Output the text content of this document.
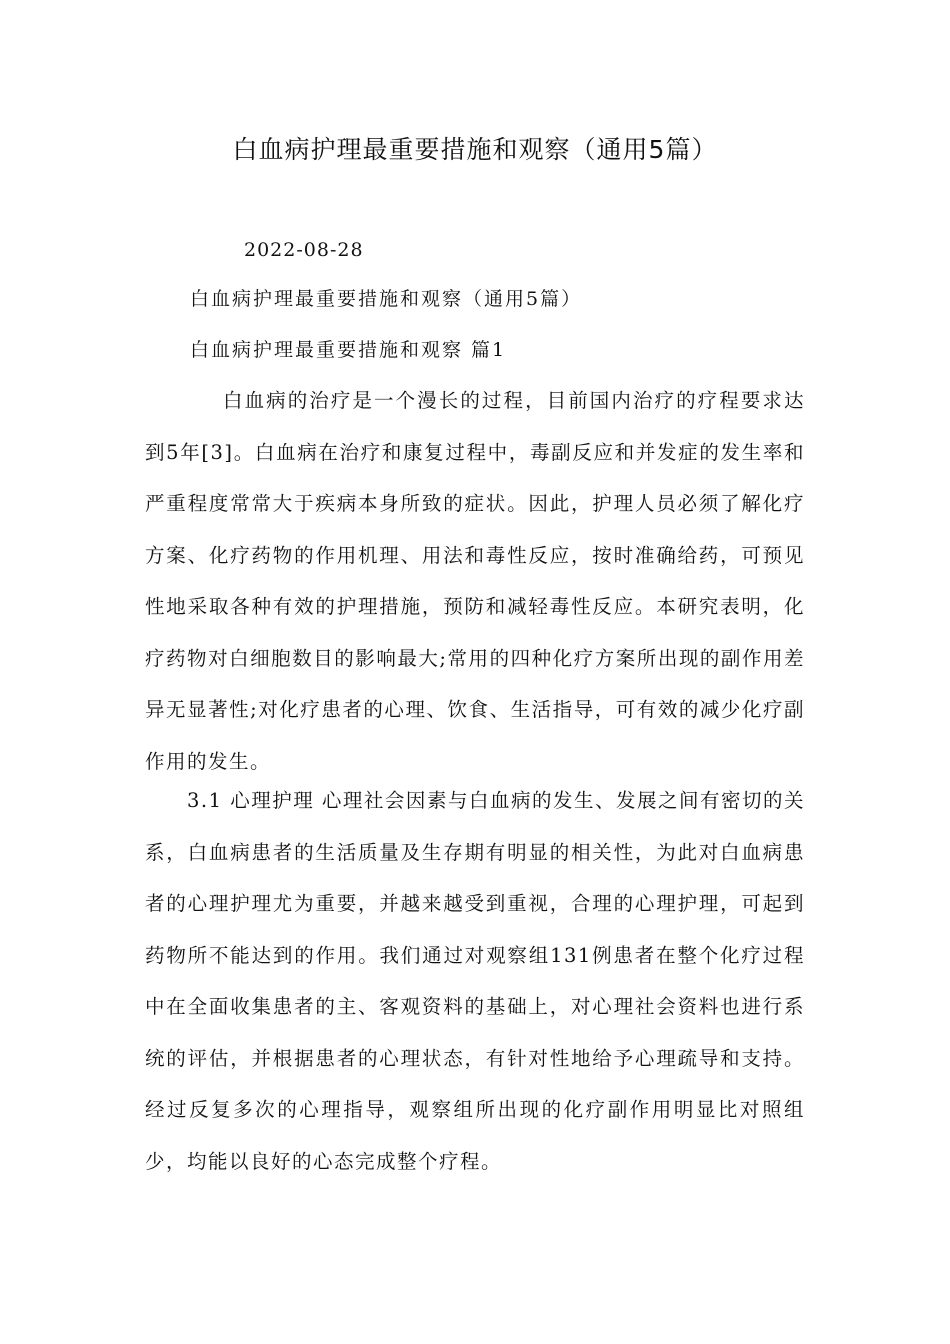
白血病护理最重要措施和观察（通用5篇）

2022-08-28

白血病护理最重要措施和观察（通用5篇）

白血病护理最重要措施和观察 篇1

白血病的治疗是一个漫长的过程，目前国内治疗的疗程要求达到5年[3]。白血病在治疗和康复过程中，毒副反应和并发症的发生率和严重程度常常大于疾病本身所致的症状。因此，护理人员必须了解化疗方案、化疗药物的作用机理、用法和毒性反应，按时准确给药，可预见性地采取各种有效的护理措施，预防和减轻毒性反应。本研究表明，化疗药物对白细胞数目的影响最大;常用的四种化疗方案所出现的副作用差异无显著性;对化疗患者的心理、饮食、生活指导，可有效的减少化疗副作用的发生。

3.1 心理护理 心理社会因素与白血病的发生、发展之间有密切的关系，白血病患者的生活质量及生存期有明显的相关性，为此对白血病患者的心理护理尤为重要，并越来越受到重视，合理的心理护理，可起到药物所不能达到的作用。我们通过对观察组131例患者在整个化疗过程中在全面收集患者的主、客观资料的基础上，对心理社会资料也进行系统的评估，并根据患者的心理状态，有针对性地给予心理疏导和支持。经过反复多次的心理指导，观察组所出现的化疗副作用明显比对照组少，均能以良好的心态完成整个疗程。
